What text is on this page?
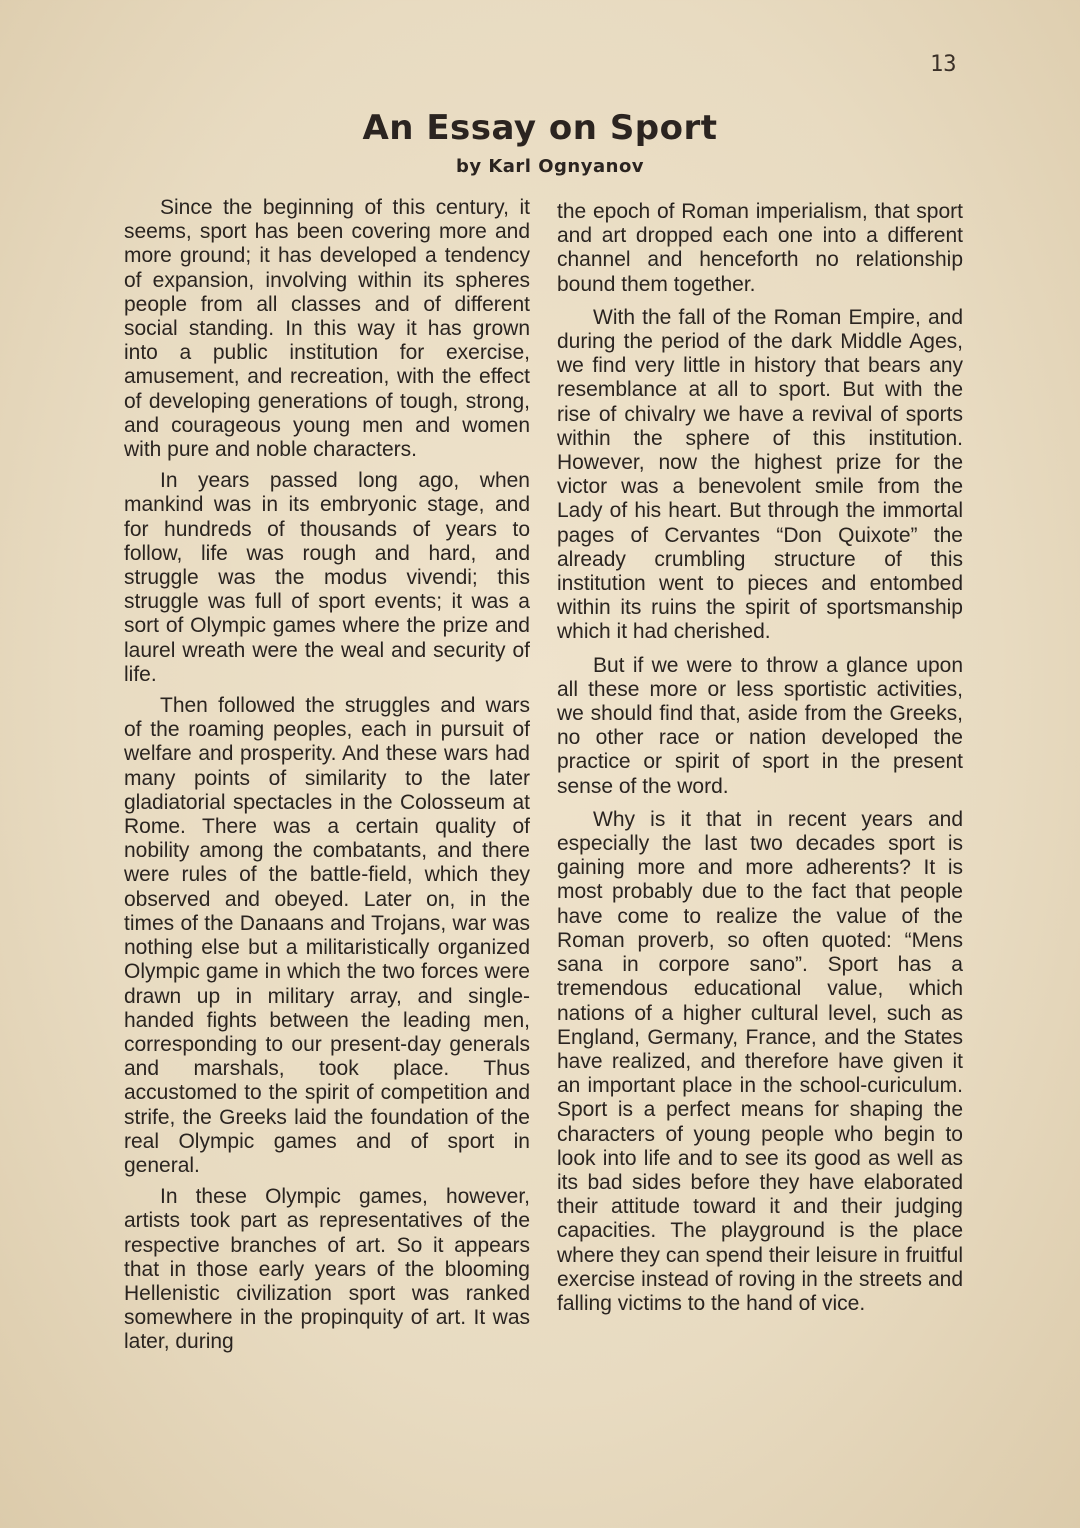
13
An Essay on Sport
by Karl Ognyanov

Since the beginning of this century, it seems, sport has been covering more and more ground; it has developed a tendency of expansion, involving within its spheres people from all classes and of different social standing. In this way it has grown into a public institution for exercise, amusement, and recreation, with the effect of developing generations of tough, strong, and courageous young men and women with pure and noble characters.

In years passed long ago, when mankind was in its embryonic stage, and for hundreds of thousands of years to follow, life was rough and hard, and struggle was the modus vivendi; this struggle was full of sport events; it was a sort of Olympic games where the prize and laurel wreath were the weal and security of life.

Then followed the struggles and wars of the roaming peoples, each in pursuit of welfare and prosperity. And these wars had many points of similarity to the later gladiatorial spectacles in the Colosseum at Rome. There was a certain quality of nobility among the combatants, and there were rules of the battle-field, which they observed and obeyed. Later on, in the times of the Danaans and Trojans, war was nothing else but a militaristically organized Olympic game in which the two forces were drawn up in military array, and single-handed fights between the leading men, corresponding to our present-day generals and marshals, took place. Thus accustomed to the spirit of competition and strife, the Greeks laid the foundation of the real Olympic games and of sport in general.

In these Olympic games, however, artists took part as representatives of the respective branches of art. So it appears that in those early years of the blooming Hellenistic civilization sport was ranked somewhere in the propinquity of art. It was later, during

the epoch of Roman imperialism, that sport and art dropped each one into a different channel and henceforth no relationship bound them together.

With the fall of the Roman Empire, and during the period of the dark Middle Ages, we find very little in history that bears any resemblance at all to sport. But with the rise of chivalry we have a revival of sports within the sphere of this institution. However, now the highest prize for the victor was a benevolent smile from the Lady of his heart. But through the immortal pages of Cervantes “Don Quixote” the already crumbling structure of this institution went to pieces and entombed within its ruins the spirit of sportsmanship which it had cherished.

But if we were to throw a glance upon all these more or less sportistic activities, we should find that, aside from the Greeks, no other race or nation developed the practice or spirit of sport in the present sense of the word.

Why is it that in recent years and especially the last two decades sport is gaining more and more adherents? It is most probably due to the fact that people have come to realize the value of the Roman proverb, so often quoted: “Mens sana in corpore sano”. Sport has a tremendous educational value, which nations of a higher cultural level, such as England, Germany, France, and the States have realized, and therefore have given it an important place in the school-curiculum. Sport is a perfect means for shaping the characters of young people who begin to look into life and to see its good as well as its bad sides before they have elaborated their attitude toward it and their judging capacities. The playground is the place where they can spend their leisure in fruitful exercise instead of roving in the streets and falling victims to the hand of vice.
